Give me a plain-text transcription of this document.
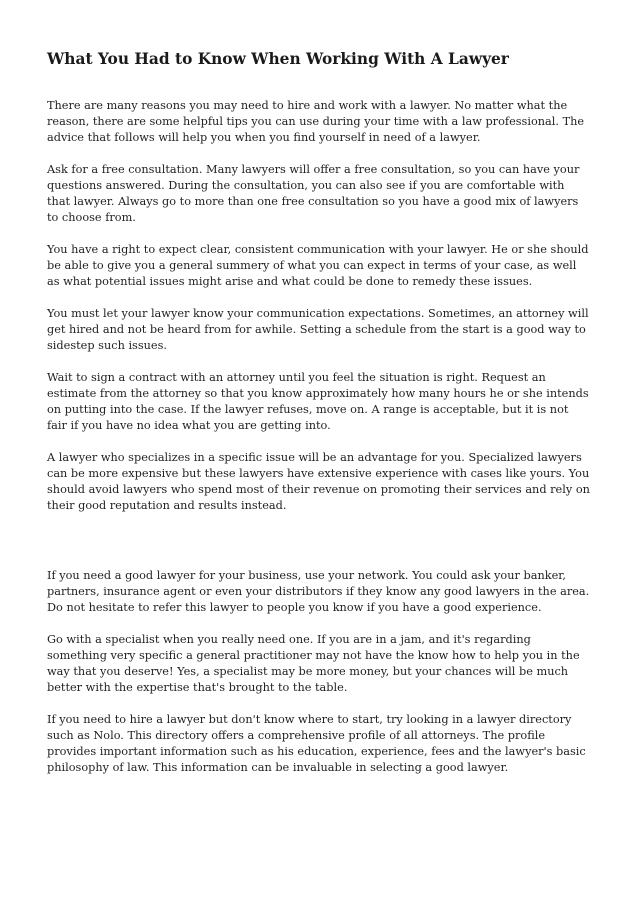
What You Had to Know When Working With A Lawyer

There are many reasons you may need to hire and work with a lawyer. No matter what the reason, there are some helpful tips you can use during your time with a law professional. The advice that follows will help you when you find yourself in need of a lawyer.

Ask for a free consultation. Many lawyers will offer a free consultation, so you can have your questions answered. During the consultation, you can also see if you are comfortable with that lawyer. Always go to more than one free consultation so you have a good mix of lawyers to choose from.

You have a right to expect clear, consistent communication with your lawyer. He or she should be able to give you a general summery of what you can expect in terms of your case, as well as what potential issues might arise and what could be done to remedy these issues.

You must let your lawyer know your communication expectations. Sometimes, an attorney will get hired and not be heard from for awhile. Setting a schedule from the start is a good way to sidestep such issues.

Wait to sign a contract with an attorney until you feel the situation is right. Request an estimate from the attorney so that you know approximately how many hours he or she intends on putting into the case. If the lawyer refuses, move on. A range is acceptable, but it is not fair if you have no idea what you are getting into.

A lawyer who specializes in a specific issue will be an advantage for you. Specialized lawyers can be more expensive but these lawyers have extensive experience with cases like yours. You should avoid lawyers who spend most of their revenue on promoting their services and rely on their good reputation and results instead.

If you need a good lawyer for your business, use your network. You could ask your banker, partners, insurance agent or even your distributors if they know any good lawyers in the area. Do not hesitate to refer this lawyer to people you know if you have a good experience.

Go with a specialist when you really need one. If you are in a jam, and it's regarding something very specific a general practitioner may not have the know how to help you in the way that you deserve! Yes, a specialist may be more money, but your chances will be much better with the expertise that's brought to the table.

If you need to hire a lawyer but don't know where to start, try looking in a lawyer directory such as Nolo. This directory offers a comprehensive profile of all attorneys. The profile provides important information such as his education, experience, fees and the lawyer's basic philosophy of law. This information can be invaluable in selecting a good lawyer.
